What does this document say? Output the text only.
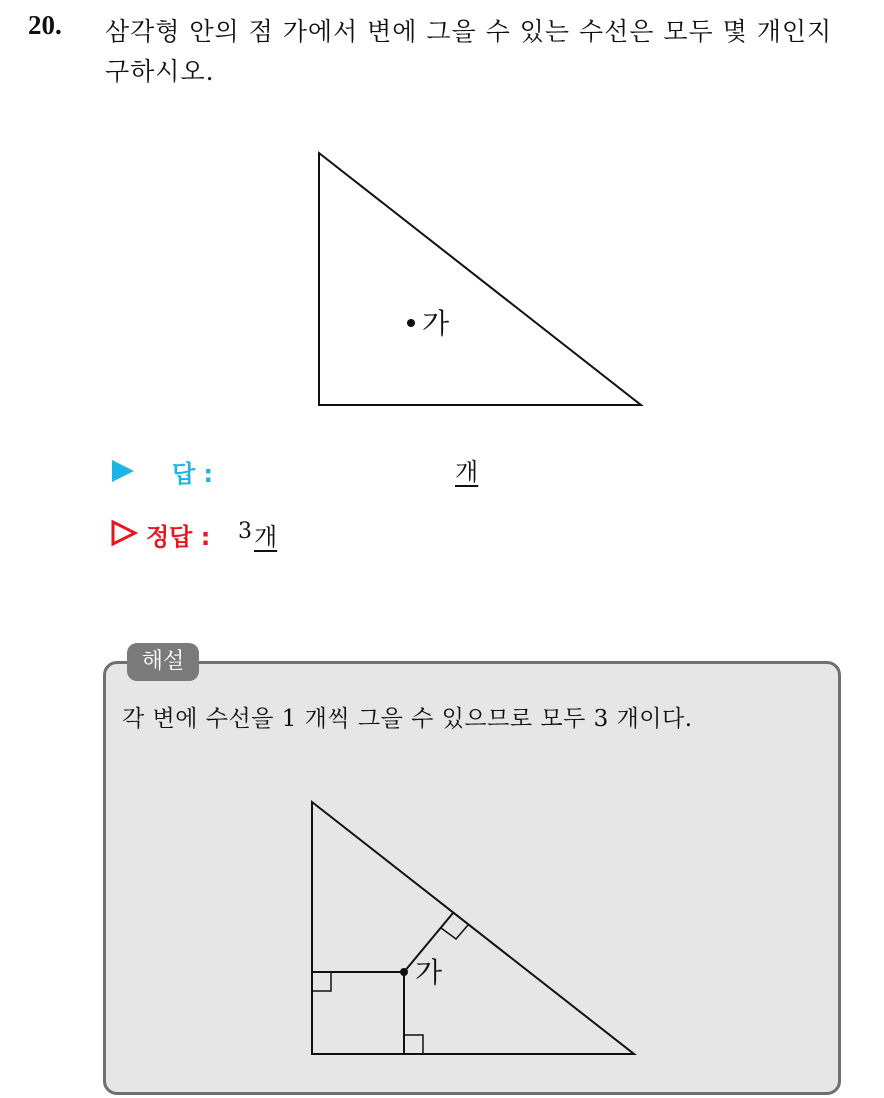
20. 삼각형 안의 점 가에서 변에 그을 수 있는 수선은 모두 몇 개인지 구하시오.
가
답 :	개
정답 : 3 개
해설
각 변에 수선을 1 개씩 그을 수 있으므로 모두 3 개이다.
가
